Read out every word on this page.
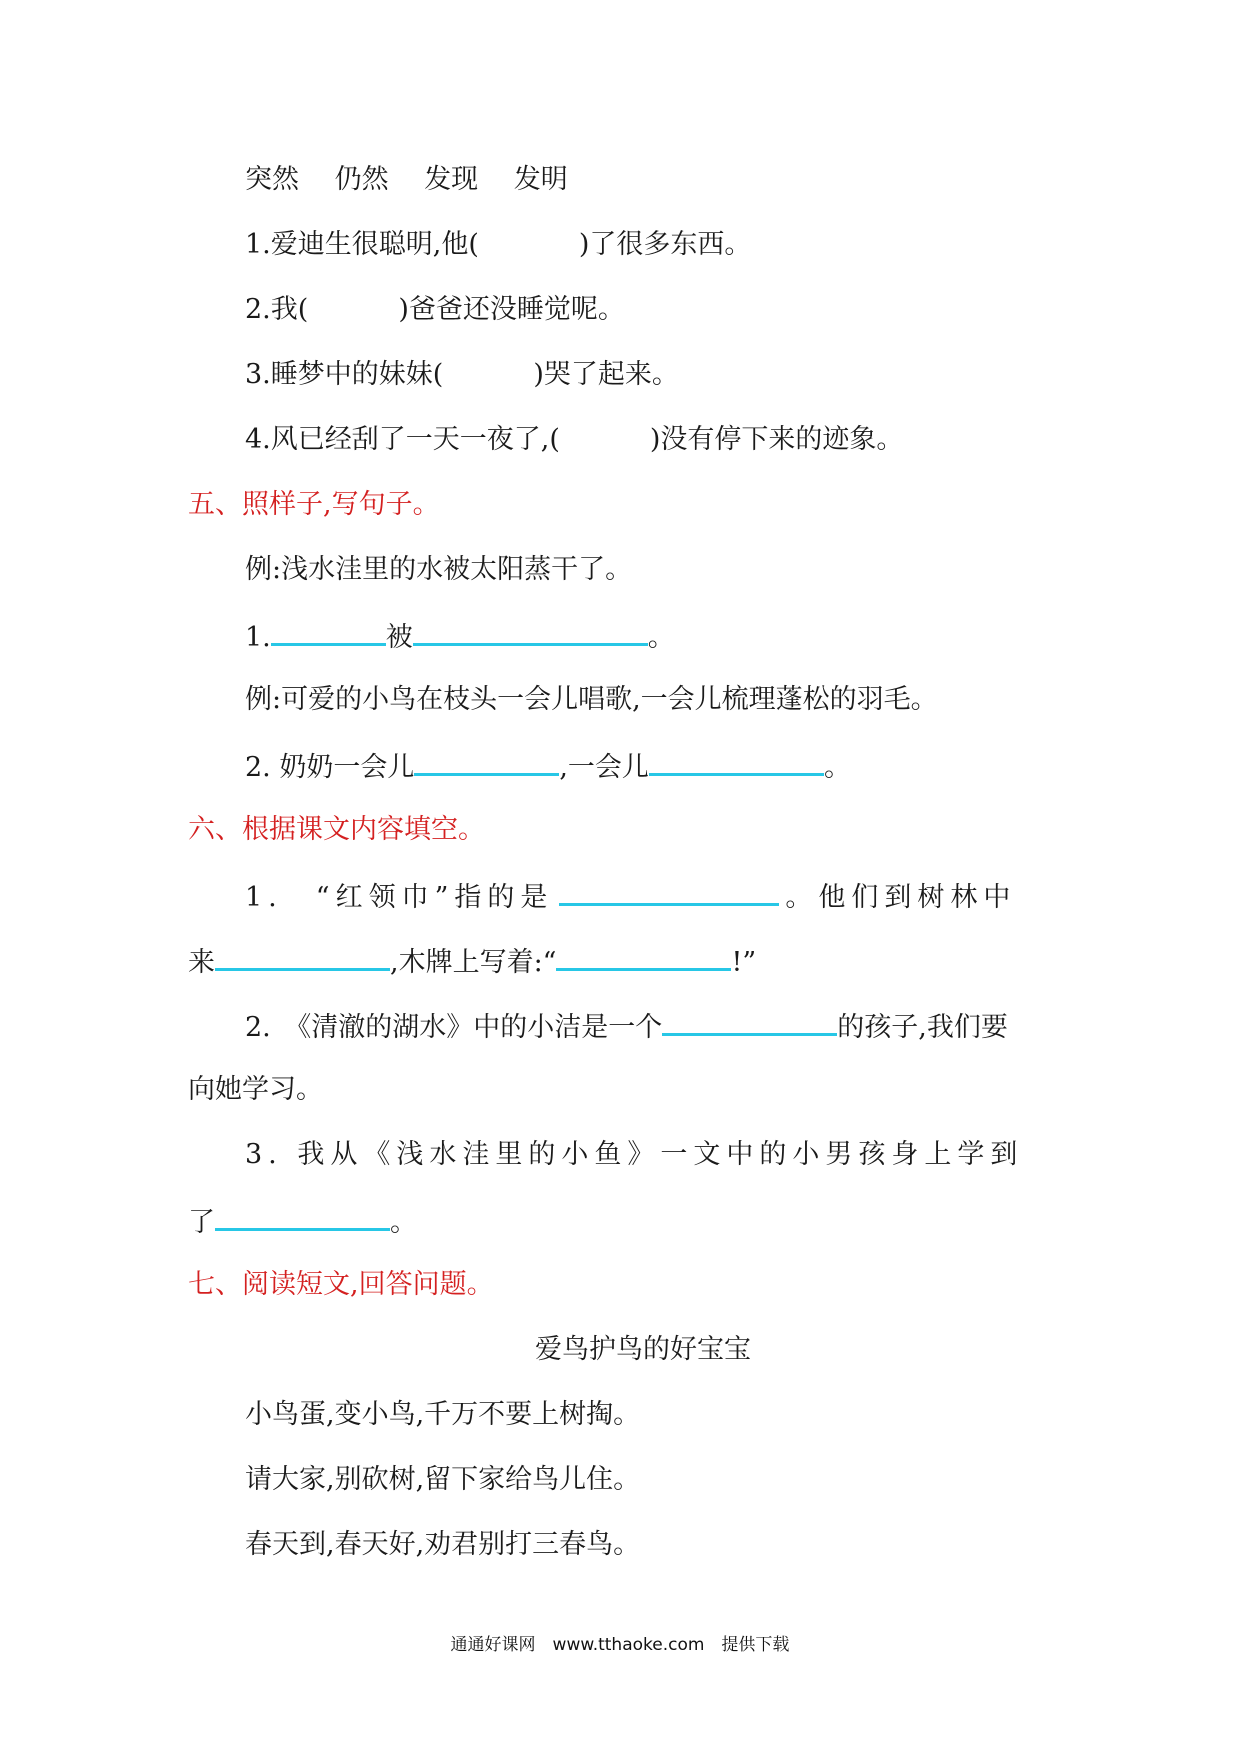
突然　 仍然　 发现　 发明
1.爱迪生很聪明,他(	)了很多东西。
2.我(	)爸爸还没睡觉呢。
3.睡梦中的妹妹(	)哭了起来。
4.风已经刮了一天一夜了,(	)没有停下来的迹象。
五、照样子,写句子。
例:浅水洼里的水被太阳蒸干了。
1.	被	。
例:可爱的小鸟在枝头一会儿唱歌,一会儿梳理蓬松的羽毛。
2. 奶奶一会儿	,一会儿	。
六、根据课文内容填空。
1.　“红领巾”指的是	。他们到树林中
来	,木牌上写着:“	!”
2.　《清澈的湖水》中的小洁是一个	的孩子,我们要
向她学习。
3. 我从《浅水洼里的小鱼》一文中的小男孩身上学到
了	。
七、阅读短文,回答问题。
爱鸟护鸟的好宝宝
小鸟蛋,变小鸟,千万不要上树掏。
请大家,别砍树,留下家给鸟儿住。
春天到,春天好,劝君别打三春鸟。
通通好课网　www.tthaoke.com　提供下载
